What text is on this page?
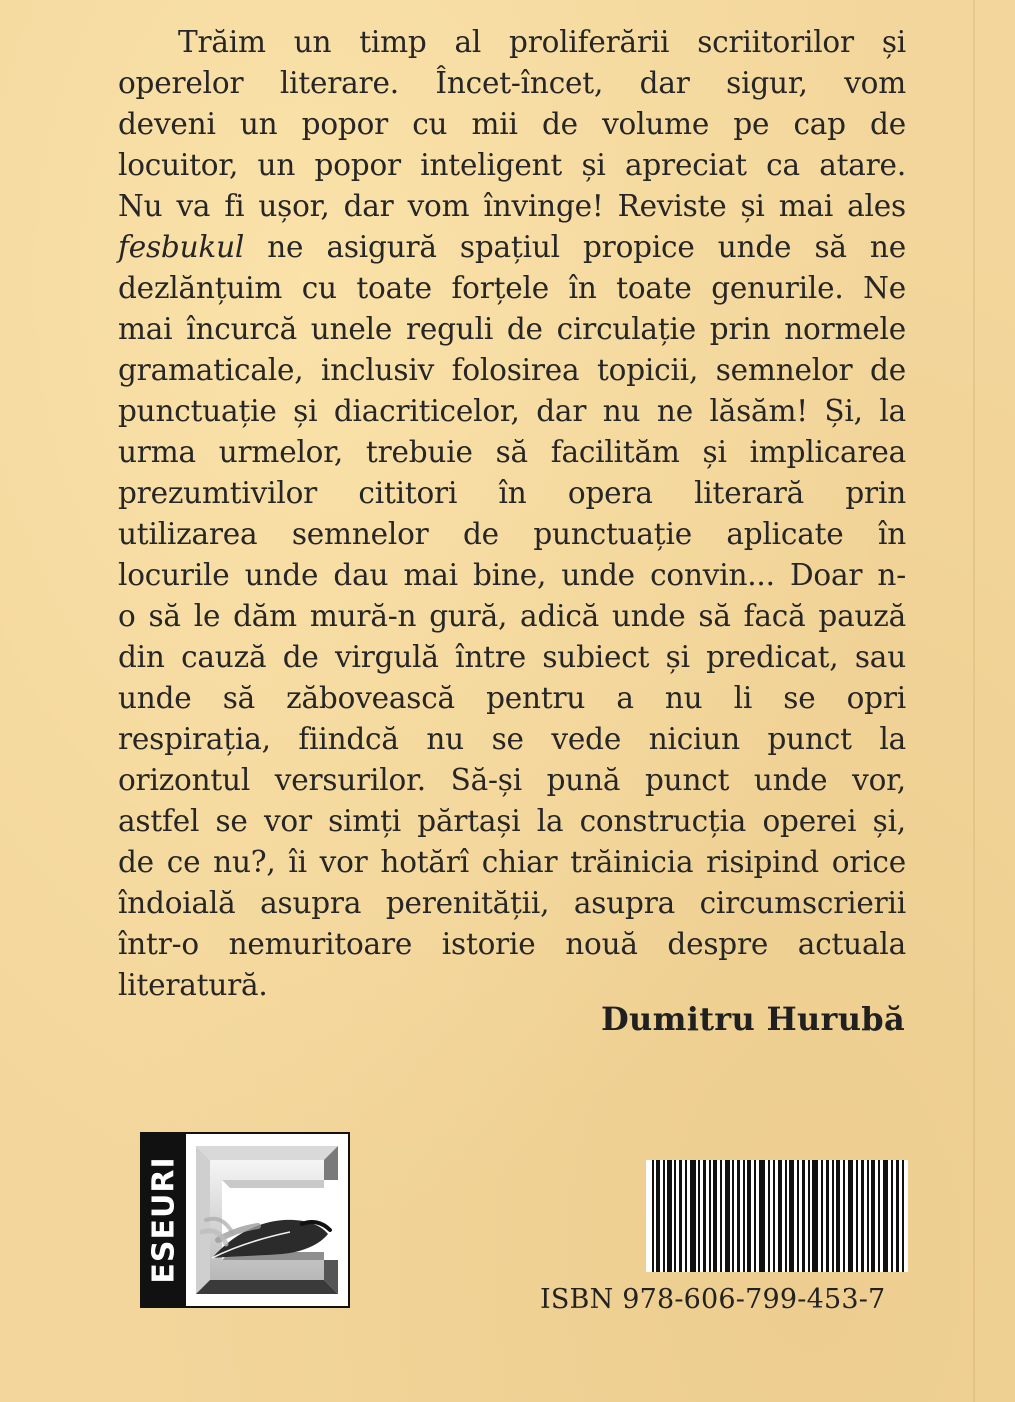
Trăim un timp al proliferării scriitorilor și
operelor literare. Încet-încet, dar sigur, vom
deveni un popor cu mii de volume pe cap de
locuitor, un popor inteligent și apreciat ca atare.
Nu va fi ușor, dar vom învinge! Reviste și mai ales
fesbukul ne asigură spațiul propice unde să ne
dezlănțuim cu toate forțele în toate genurile. Ne
mai încurcă unele reguli de circulație prin normele
gramaticale, inclusiv folosirea topicii, semnelor de
punctuație și diacriticelor, dar nu ne lăsăm! Și, la
urma urmelor, trebuie să facilităm și implicarea
prezumtivilor cititori în opera literară prin
utilizarea semnelor de punctuație aplicate în
locurile unde dau mai bine, unde convin... Doar n-
o să le dăm mură-n gură, adică unde să facă pauză
din cauză de virgulă între subiect și predicat, sau
unde să zăbovească pentru a nu li se opri
respirația, fiindcă nu se vede niciun punct la
orizontul versurilor. Să-și pună punct unde vor,
astfel se vor simți părtași la construcția operei și,
de ce nu?, îi vor hotărî chiar trăinicia risipind orice
îndoială asupra perenității, asupra circumscrierii
într-o nemuritoare istorie nouă despre actuala
literatură.

Dumitru Hurubă

ESEURI

ISBN 978-606-799-453-7
